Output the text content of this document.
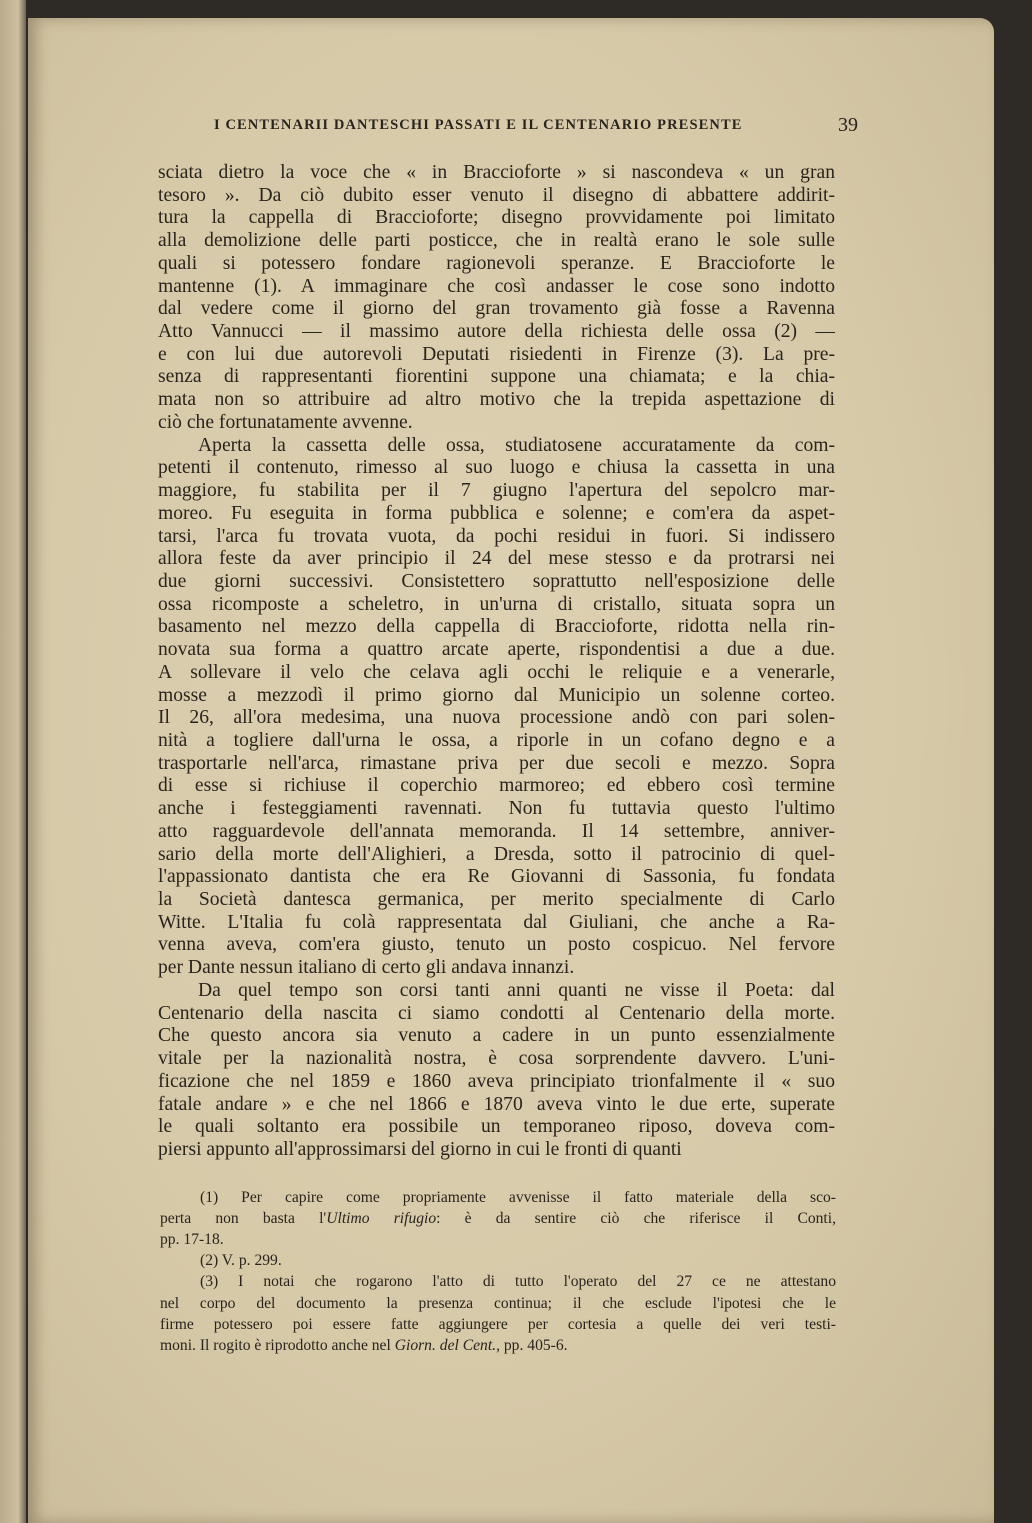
I CENTENARII DANTESCHI PASSATI E IL CENTENARIO PRESENTE	39
sciata dietro la voce che « in Braccioforte » si nascondeva « un gran
tesoro ». Da ciò dubito esser venuto il disegno di abbattere addirit-
tura la cappella di Braccioforte; disegno provvidamente poi limitato
alla demolizione delle parti posticce, che in realtà erano le sole sulle
quali si potessero fondare ragionevoli speranze. E Braccioforte le
mantenne (1). A immaginare che così andasser le cose sono indotto
dal vedere come il giorno del gran trovamento già fosse a Ravenna
Atto Vannucci — il massimo autore della richiesta delle ossa (2) —
e con lui due autorevoli Deputati risiedenti in Firenze (3). La pre-
senza di rappresentanti fiorentini suppone una chiamata; e la chia-
mata non so attribuire ad altro motivo che la trepida aspettazione di
ciò che fortunatamente avvenne.
Aperta la cassetta delle ossa, studiatosene accuratamente da com-
petenti il contenuto, rimesso al suo luogo e chiusa la cassetta in una
maggiore, fu stabilita per il 7 giugno l'apertura del sepolcro mar-
moreo. Fu eseguita in forma pubblica e solenne; e com'era da aspet-
tarsi, l'arca fu trovata vuota, da pochi residui in fuori. Si indissero
allora feste da aver principio il 24 del mese stesso e da protrarsi nei
due giorni successivi. Consistettero soprattutto nell'esposizione delle
ossa ricomposte a scheletro, in un'urna di cristallo, situata sopra un
basamento nel mezzo della cappella di Braccioforte, ridotta nella rin-
novata sua forma a quattro arcate aperte, rispondentisi a due a due.
A sollevare il velo che celava agli occhi le reliquie e a venerarle,
mosse a mezzodì il primo giorno dal Municipio un solenne corteo.
Il 26, all'ora medesima, una nuova processione andò con pari solen-
nità a togliere dall'urna le ossa, a riporle in un cofano degno e a
trasportarle nell'arca, rimastane priva per due secoli e mezzo. Sopra
di esse si richiuse il coperchio marmoreo; ed ebbero così termine
anche i festeggiamenti ravennati. Non fu tuttavia questo l'ultimo
atto ragguardevole dell'annata memoranda. Il 14 settembre, anniver-
sario della morte dell'Alighieri, a Dresda, sotto il patrocinio di quel-
l'appassionato dantista che era Re Giovanni di Sassonia, fu fondata
la Società dantesca germanica, per merito specialmente di Carlo
Witte. L'Italia fu colà rappresentata dal Giuliani, che anche a Ra-
venna aveva, com'era giusto, tenuto un posto cospicuo. Nel fervore
per Dante nessun italiano di certo gli andava innanzi.
Da quel tempo son corsi tanti anni quanti ne visse il Poeta: dal
Centenario della nascita ci siamo condotti al Centenario della morte.
Che questo ancora sia venuto a cadere in un punto essenzialmente
vitale per la nazionalità nostra, è cosa sorprendente davvero. L'uni-
ficazione che nel 1859 e 1860 aveva principiato trionfalmente il « suo
fatale andare » e che nel 1866 e 1870 aveva vinto le due erte, superate
le quali soltanto era possibile un temporaneo riposo, doveva com-
piersi appunto all'approssimarsi del giorno in cui le fronti di quanti
(1) Per capire come propriamente avvenisse il fatto materiale della sco-
perta non basta l'Ultimo rifugio: è da sentire ciò che riferisce il Conti,
pp. 17-18.
(2) V. p. 299.
(3) I notai che rogarono l'atto di tutto l'operato del 27 ce ne attestano
nel corpo del documento la presenza continua; il che esclude l'ipotesi che le
firme potessero poi essere fatte aggiungere per cortesia a quelle dei veri testi-
moni. Il rogito è riprodotto anche nel Giorn. del Cent., pp. 405-6.
